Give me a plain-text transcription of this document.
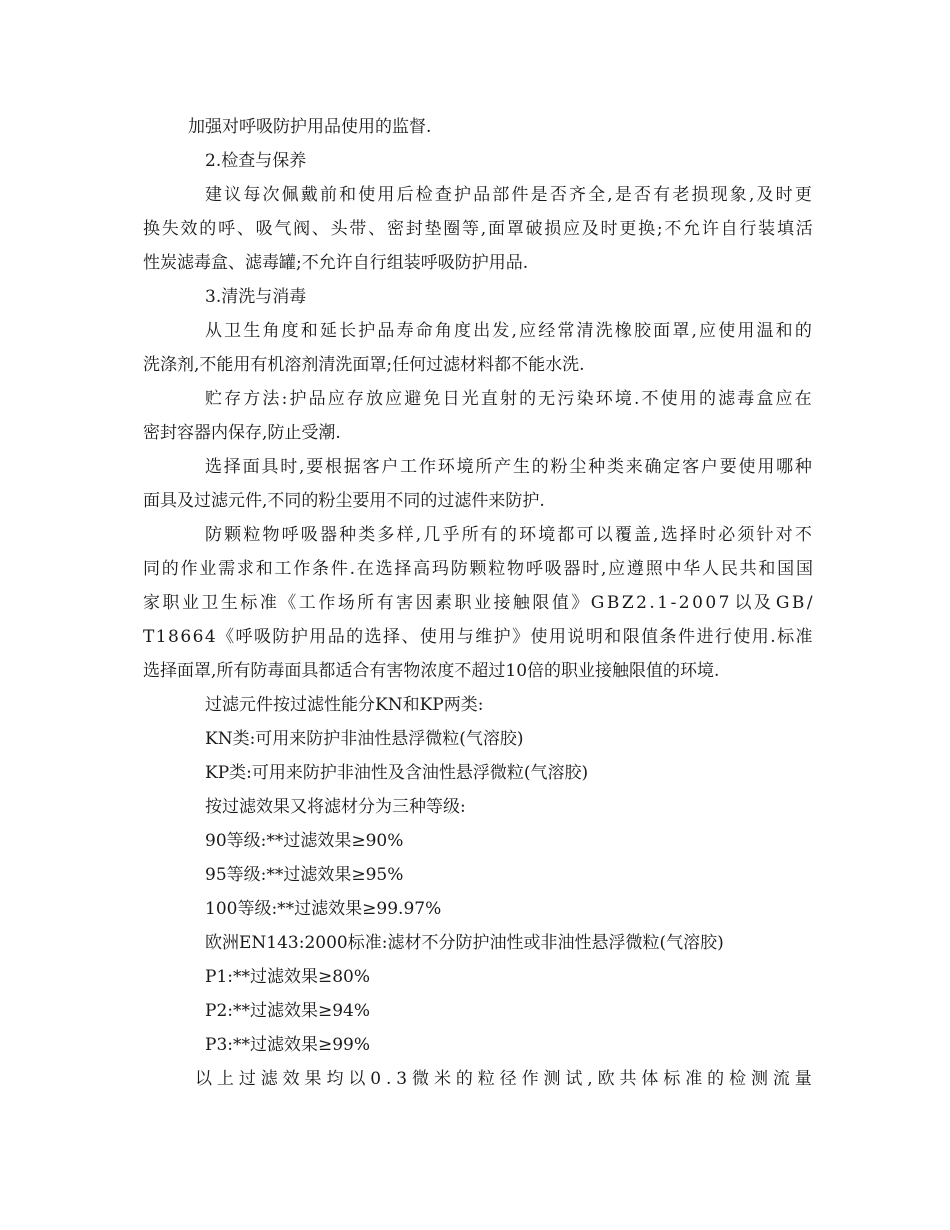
加强对呼吸防护用品使用的监督.
2.检查与保养
建 议 每 次 佩 戴 前 和 使 用 后 检 查 护 品 部 件 是 否 齐 全 , 是 否 有 老 损 现 象 , 及 时 更
换 失 效 的 呼 、 吸 气 阀 、 头 带 、 密 封 垫 圈 等 , 面 罩 破 损 应 及 时 更 换 ; 不 允 许 自 行 装 填 活
性炭滤毒盒、滤毒罐;不允许自行组装呼吸防护用品.
3.清洗与消毒
从 卫 生 角 度 和 延 长 护 品 寿 命 角 度 出 发 , 应 经 常 清 洗 橡 胶 面 罩 , 应 使 用 温 和 的
洗涤剂,不能用有机溶剂清洗面罩;任何过滤材料都不能水洗.
贮 存 方 法 : 护 品 应 存 放 应 避 免 日 光 直 射 的 无 污 染 环 境 . 不 使 用 的 滤 毒 盒 应 在
密封容器内保存,防止受潮.
选 择 面 具 时 , 要 根 据 客 户 工 作 环 境 所 产 生 的 粉 尘 种 类 来 确 定 客 户 要 使 用 哪 种
面具及过滤元件,不同的粉尘要用不同的过滤件来防护.
防 颗 粒 物 呼 吸 器 种 类 多 样 , 几 乎 所 有 的 环 境 都 可 以 覆 盖 , 选 择 时 必 须 针 对 不
同 的 作 业 需 求 和 工 作 条 件 . 在 选 择 高 玛 防 颗 粒 物 呼 吸 器 时 , 应 遵 照 中 华 人 民 共 和 国 国
家 职 业 卫 生 标 准 《 工 作 场 所 有 害 因 素 职 业 接 触 限 值 》 G B Z 2 . 1 - 2 0 0 7 以 及 G B /
T 1 8 6 6 4 《 呼 吸 防 护 用 品 的 选 择 、 使 用 与 维 护 》 使 用 说 明 和 限 值 条 件 进 行 使 用 . 标 准
选择面罩,所有防毒面具都适合有害物浓度不超过10倍的职业接触限值的环境.
过滤元件按过滤性能分KN和KP两类:
KN类:可用来防护非油性悬浮微粒(气溶胶)
KP类:可用来防护非油性及含油性悬浮微粒(气溶胶)
按过滤效果又将滤材分为三种等级:
90等级:**过滤效果≥90%
95等级:**过滤效果≥95%
100等级:**过滤效果≥99.97%
欧洲EN143:2000标准:滤材不分防护油性或非油性悬浮微粒(气溶胶)
P1:**过滤效果≥80%
P2:**过滤效果≥94%
P3:**过滤效果≥99%
以 上 过 滤 效 果 均 以 0 . 3 微 米 的 粒 径 作 测 试 , 欧 共 体 标 准 的 检 测 流 量
